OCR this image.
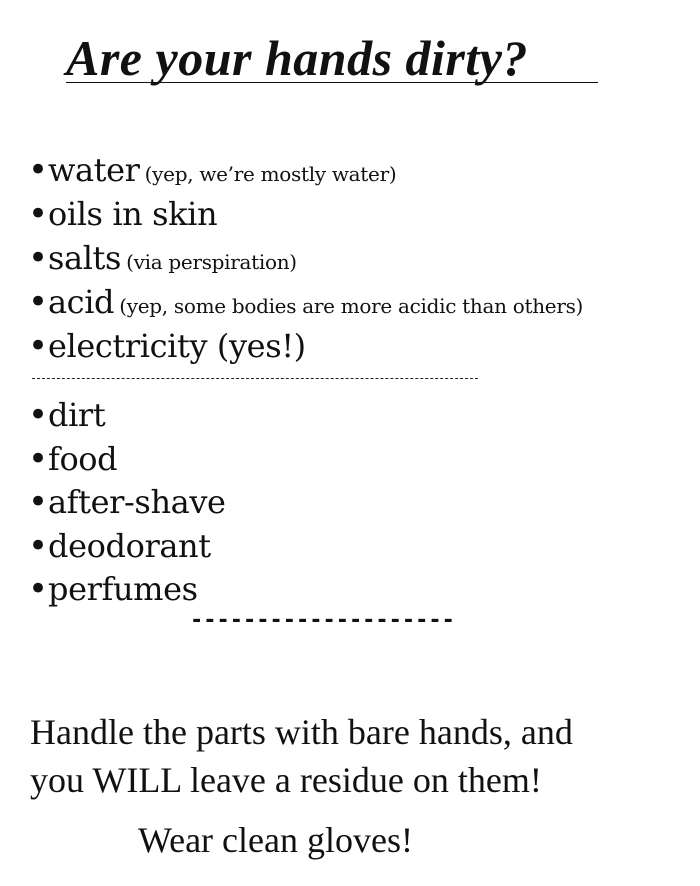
Are your hands dirty?
•water (yep, we’re mostly water)
•oils in skin
•salts (via perspiration)
•acid (yep, some bodies are more acidic than others)
•electricity (yes!)
•dirt
•food
•after-shave
•deodorant
•perfumes
--------------------
Handle the parts with bare hands, and
you WILL leave a residue on them!
Wear clean gloves!
